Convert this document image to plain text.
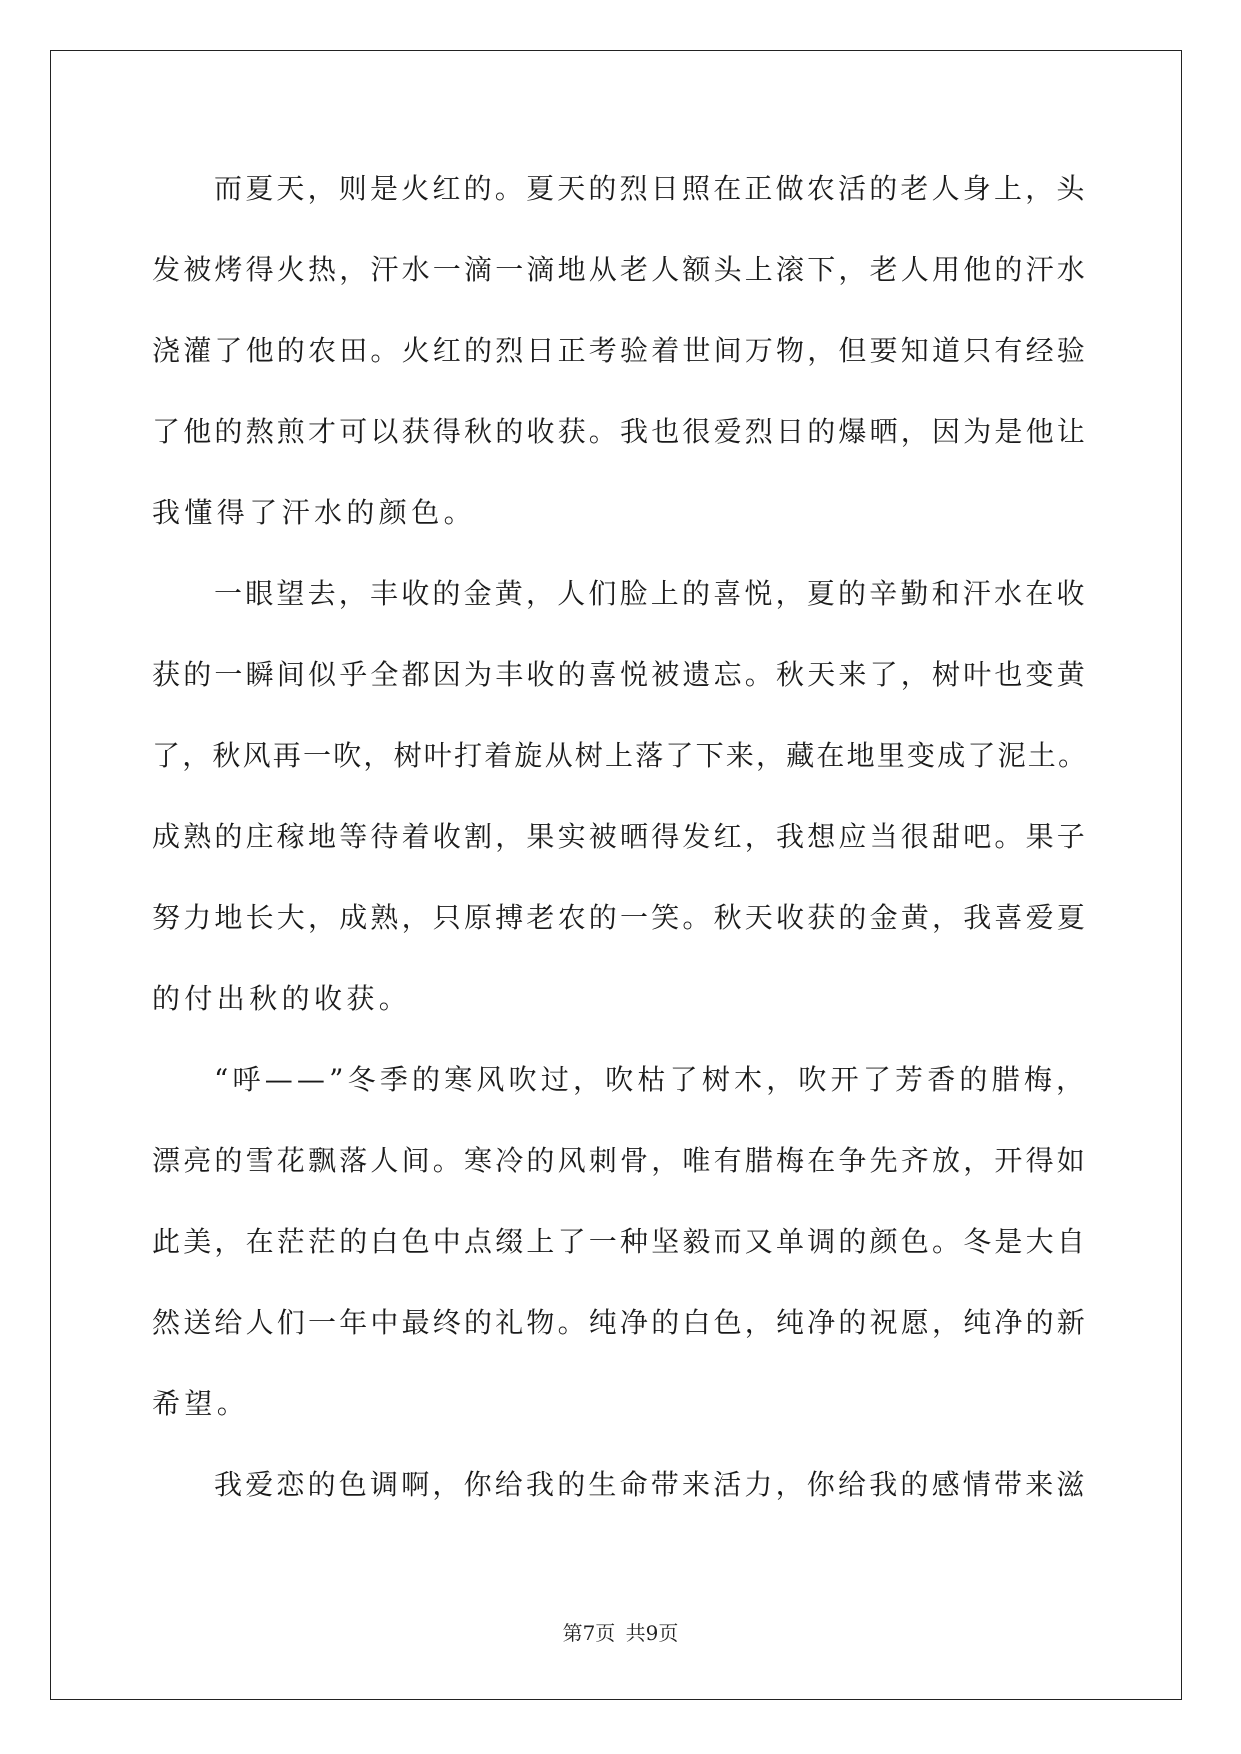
而夏天，则是火红的。夏天的烈日照在正做农活的老人身上，头
发被烤得火热，汗水一滴一滴地从老人额头上滚下，老人用他的汗水
浇灌了他的农田。火红的烈日正考验着世间万物，但要知道只有经验
了他的熬煎才可以获得秋的收获。我也很爱烈日的爆晒，因为是他让
我懂得了汗水的颜色。
一眼望去，丰收的金黄，人们脸上的喜悦，夏的辛勤和汗水在收
获的一瞬间似乎全都因为丰收的喜悦被遗忘。秋天来了，树叶也变黄
了，秋风再一吹，树叶打着旋从树上落了下来，藏在地里变成了泥土。
成熟的庄稼地等待着收割，果实被晒得发红，我想应当很甜吧。果子
努力地长大，成熟，只原搏老农的一笑。秋天收获的金黄，我喜爱夏
的付出秋的收获。
“呼——”冬季的寒风吹过，吹枯了树木，吹开了芳香的腊梅，
漂亮的雪花飘落人间。寒冷的风刺骨，唯有腊梅在争先齐放，开得如
此美，在茫茫的白色中点缀上了一种坚毅而又单调的颜色。冬是大自
然送给人们一年中最终的礼物。纯净的白色，纯净的祝愿，纯净的新
希望。
我爱恋的色调啊，你给我的生命带来活力，你给我的感情带来滋
第7页 共9页
